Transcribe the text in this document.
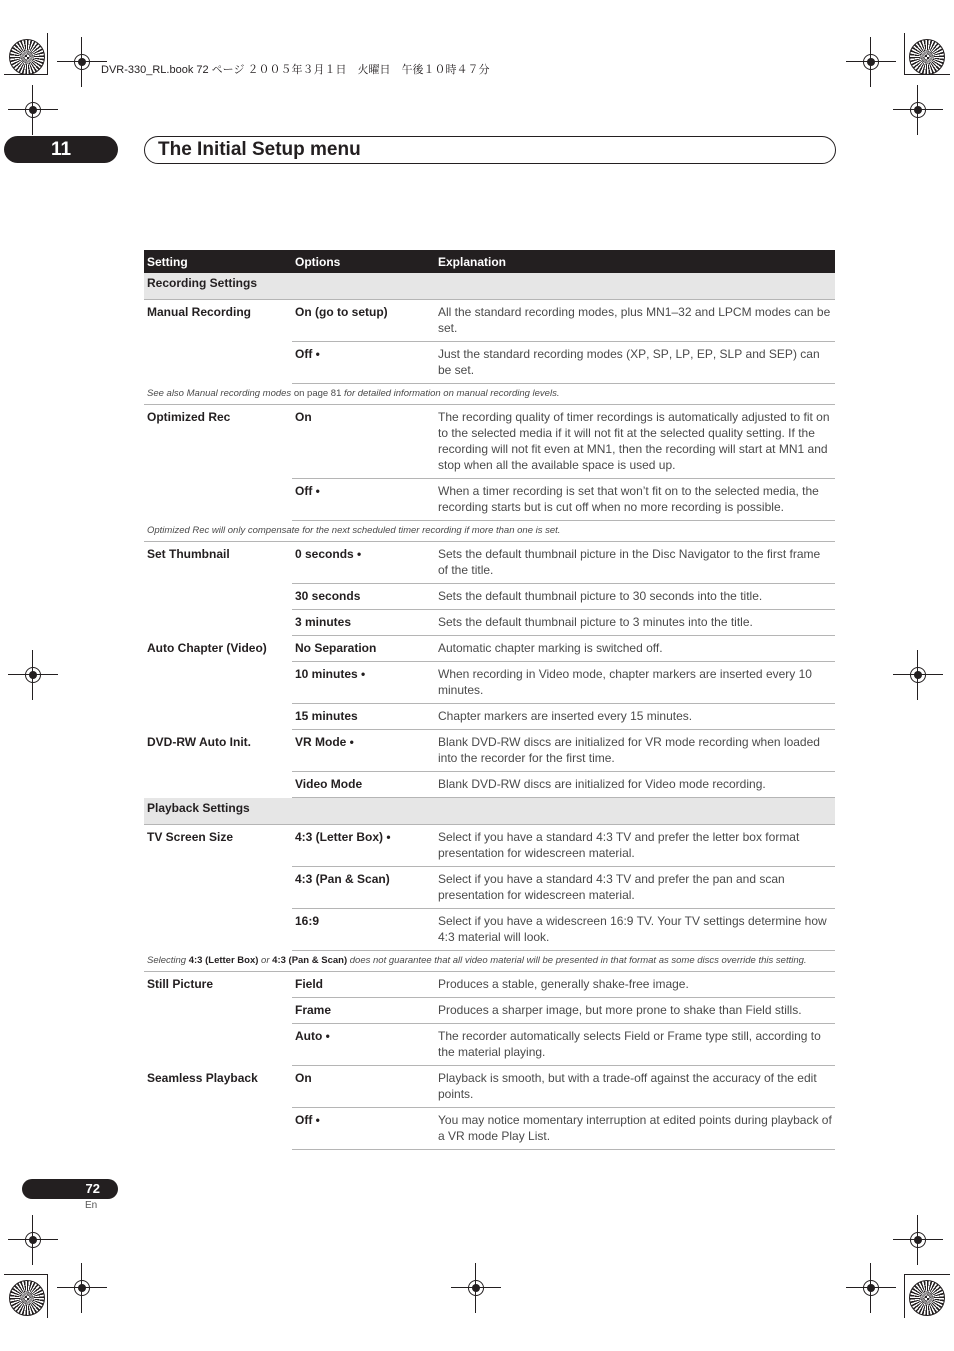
DVR-330_RL.book 72 ページ ２００５年３月１日　火曜日　午後１０時４７分
11	The Initial Setup menu
Setting	Options	Explanation
Recording Settings		
Manual Recording	On (go to setup)	All the standard recording modes, plus MN1–32 and LPCM modes can be set.
	Off •	Just the standard recording modes (XP, SP, LP, EP, SLP and SEP) can be set.
See also Manual recording modes on page 81 for detailed information on manual recording levels.		
Optimized Rec	On	The recording quality of timer recordings is automatically adjusted to fit on to the selected media if it will not fit at the selected quality setting. If the recording will not fit even at MN1, then the recording will start at MN1 and stop when all the available space is used up.
	Off •	When a timer recording is set that won’t fit on to the selected media, the recording starts but is cut off when no more recording is possible.
Optimized Rec will only compensate for the next scheduled timer recording if more than one is set.		
Set Thumbnail	0 seconds •	Sets the default thumbnail picture in the Disc Navigator to the first frame of the title.
	30 seconds	Sets the default thumbnail picture to 30 seconds into the title.
	3 minutes	Sets the default thumbnail picture to 3 minutes into the title.
Auto Chapter (Video)	No Separation	Automatic chapter marking is switched off.
	10 minutes •	When recording in Video mode, chapter markers are inserted every 10 minutes.
	15 minutes	Chapter markers are inserted every 15 minutes.
DVD-RW Auto Init.	VR Mode •	Blank DVD-RW discs are initialized for VR mode recording when loaded into the recorder for the first time.
	Video Mode	Blank DVD-RW discs are initialized for Video mode recording.
Playback Settings		
TV Screen Size	4:3 (Letter Box) •	Select if you have a standard 4:3 TV and prefer the letter box format presentation for widescreen material.
	4:3 (Pan & Scan)	Select if you have a standard 4:3 TV and prefer the pan and scan presentation for widescreen material.
	16:9	Select if you have a widescreen 16:9 TV. Your TV settings determine how 4:3 material will look.
Selecting 4:3 (Letter Box) or 4:3 (Pan & Scan) does not guarantee that all video material will be presented in that format as some discs override this setting.		
Still Picture	Field	Produces a stable, generally shake-free image.
	Frame	Produces a sharper image, but more prone to shake than Field stills.
	Auto •	The recorder automatically selects Field or Frame type still, according to the material playing.
Seamless Playback	On	Playback is smooth, but with a trade-off against the accuracy of the edit points.
	Off •	You may notice momentary interruption at edited points during playback of a VR mode Play List.
72
En
